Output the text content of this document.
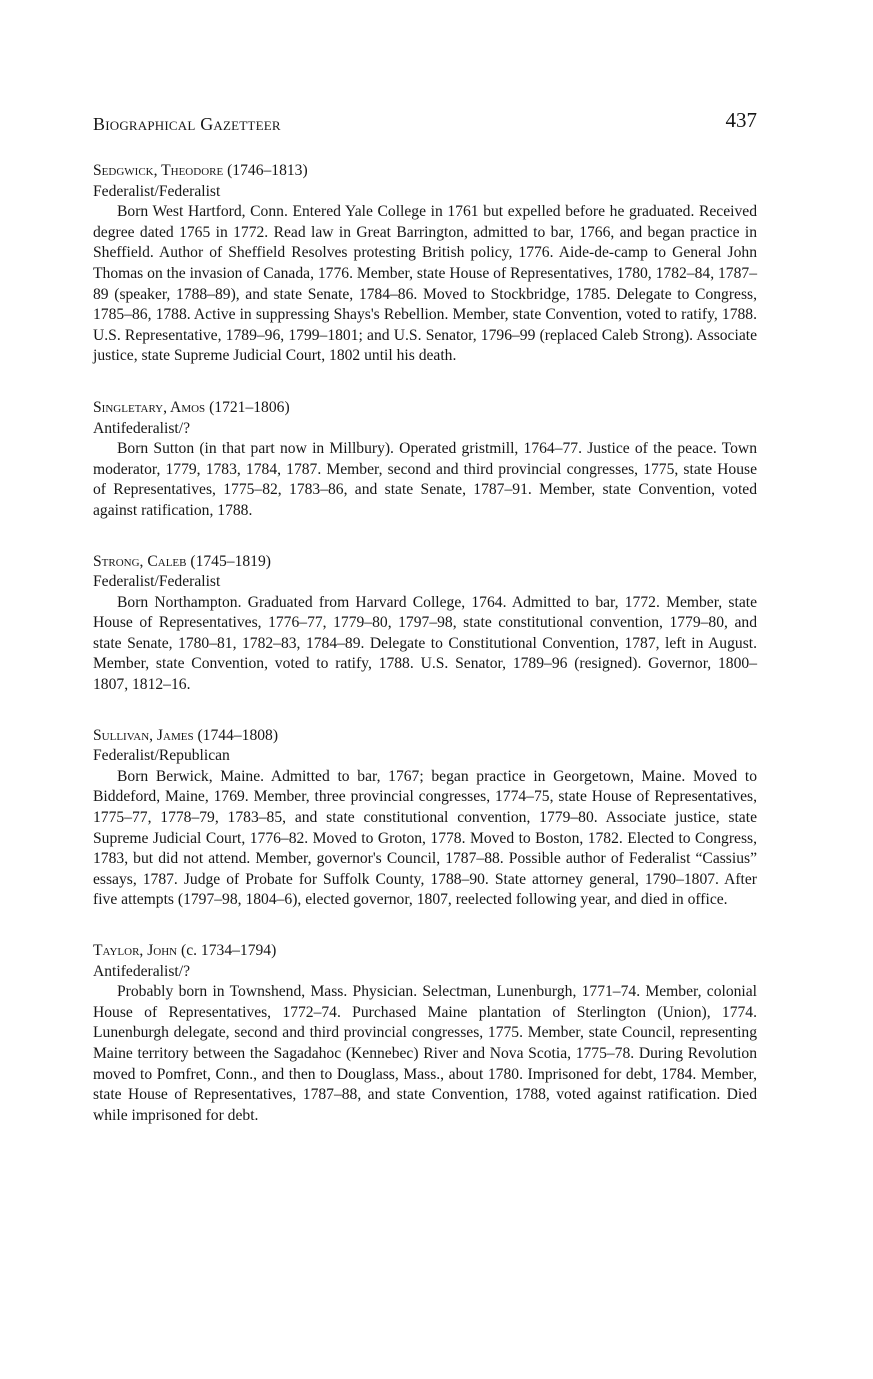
Biographical Gazetteer	437

Sedgwick, Theodore (1746–1813)

Federalist/Federalist

Born West Hartford, Conn. Entered Yale College in 1761 but expelled before he graduated. Received degree dated 1765 in 1772. Read law in Great Barrington, admitted to bar, 1766, and began practice in Sheffield. Author of Sheffield Resolves protesting British policy, 1776. Aide-de-camp to General John Thomas on the invasion of Canada, 1776. Member, state House of Representatives, 1780, 1782–84, 1787–89 (speaker, 1788–89), and state Senate, 1784–86. Moved to Stockbridge, 1785. Delegate to Congress, 1785–86, 1788. Active in suppressing Shays's Rebellion. Member, state Convention, voted to ratify, 1788. U.S. Representative, 1789–96, 1799–1801; and U.S. Senator, 1796–99 (replaced Caleb Strong). Associate justice, state Supreme Judicial Court, 1802 until his death.

Singletary, Amos (1721–1806)

Antifederalist/?

Born Sutton (in that part now in Millbury). Operated gristmill, 1764–77. Justice of the peace. Town moderator, 1779, 1783, 1784, 1787. Member, second and third provincial congresses, 1775, state House of Representatives, 1775–82, 1783–86, and state Senate, 1787–91. Member, state Convention, voted against ratification, 1788.

Strong, Caleb (1745–1819)

Federalist/Federalist

Born Northampton. Graduated from Harvard College, 1764. Admitted to bar, 1772. Member, state House of Representatives, 1776–77, 1779–80, 1797–98, state constitutional convention, 1779–80, and state Senate, 1780–81, 1782–83, 1784–89. Delegate to Constitutional Convention, 1787, left in August. Member, state Convention, voted to ratify, 1788. U.S. Senator, 1789–96 (resigned). Governor, 1800–1807, 1812–16.

Sullivan, James (1744–1808)

Federalist/Republican

Born Berwick, Maine. Admitted to bar, 1767; began practice in Georgetown, Maine. Moved to Biddeford, Maine, 1769. Member, three provincial congresses, 1774–75, state House of Representatives, 1775–77, 1778–79, 1783–85, and state constitutional convention, 1779–80. Associate justice, state Supreme Judicial Court, 1776–82. Moved to Groton, 1778. Moved to Boston, 1782. Elected to Congress, 1783, but did not attend. Member, governor's Council, 1787–88. Possible author of Federalist “Cassius” essays, 1787. Judge of Probate for Suffolk County, 1788–90. State attorney general, 1790–1807. After five attempts (1797–98, 1804–6), elected governor, 1807, reelected following year, and died in office.

Taylor, John (c. 1734–1794)

Antifederalist/?

Probably born in Townshend, Mass. Physician. Selectman, Lunenburgh, 1771–74. Member, colonial House of Representatives, 1772–74. Purchased Maine plantation of Sterlington (Union), 1774. Lunenburgh delegate, second and third provincial congresses, 1775. Member, state Council, representing Maine territory between the Sagadahoc (Kennebec) River and Nova Scotia, 1775–78. During Revolution moved to Pomfret, Conn., and then to Douglass, Mass., about 1780. Imprisoned for debt, 1784. Member, state House of Representatives, 1787–88, and state Convention, 1788, voted against ratification. Died while imprisoned for debt.
